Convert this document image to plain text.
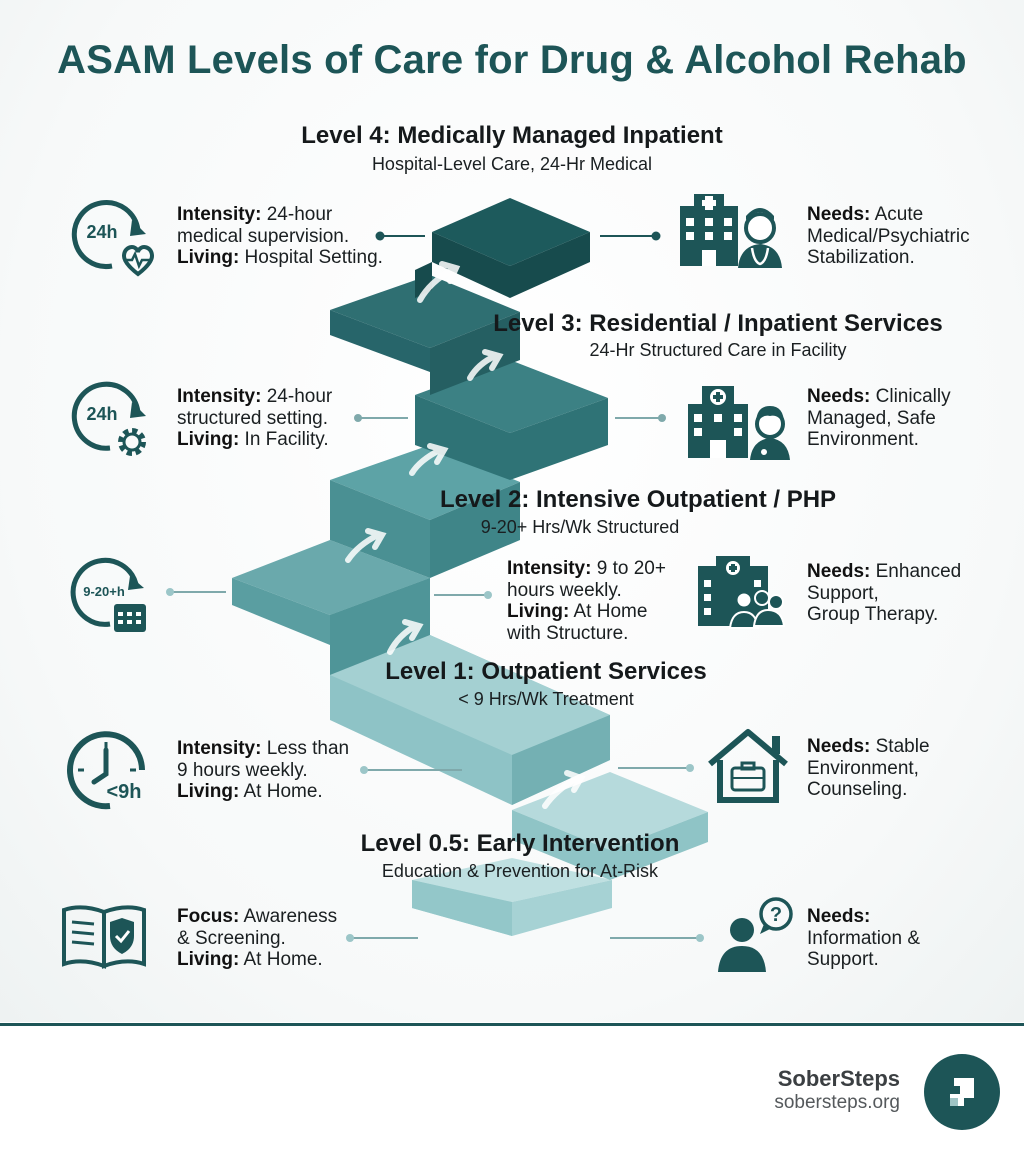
ASAM Levels of Care for Drug & Alcohol Rehab
Level 4: Medically Managed Inpatient
Hospital-Level Care, 24-Hr Medical
Intensity: 24-hour
medical supervision.
Living: Hospital Setting.
Needs: Acute
Medical/Psychiatric
Stabilization.
24h
Level 3: Residential / Inpatient Services
24-Hr Structured Care in Facility
Intensity: 24-hour
structured setting.
Living: In Facility.
Needs: Clinically
Managed, Safe
Environment.
24h
Level 2: Intensive Outpatient / PHP
9-20+ Hrs/Wk Structured
Intensity: 9 to 20+
hours weekly.
Living: At Home
with Structure.
Needs: Enhanced
Support,
Group Therapy.
9-20+h
Level 1: Outpatient Services
< 9 Hrs/Wk Treatment
Intensity: Less than
9 hours weekly.
Living: At Home.
Needs: Stable
Environment,
Counseling.
<9h
Level 0.5: Early Intervention
Education & Prevention for At-Risk
Focus: Awareness
& Screening.
Living: At Home.
Needs:
Information &
Support.
?
SoberSteps
sobersteps.org
